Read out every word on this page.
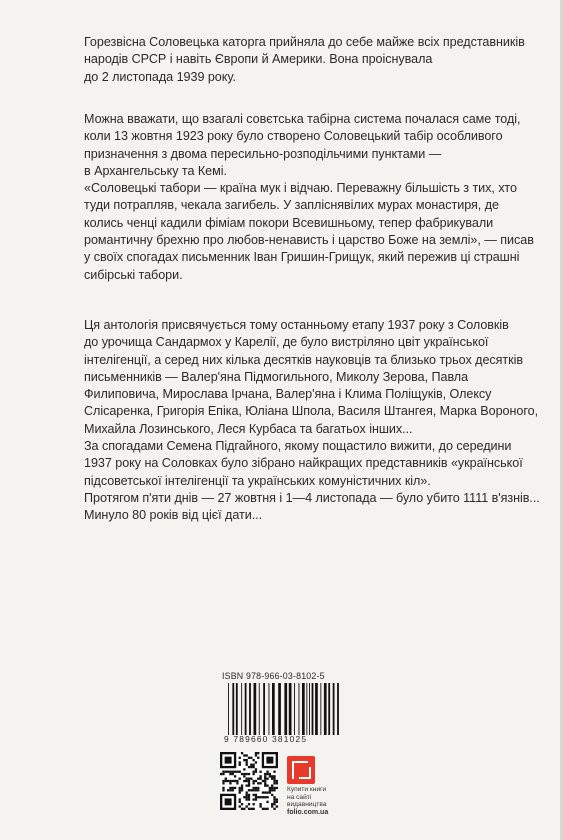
Горезвісна Соловецька каторга прийняла до себе майже всіх представників

народів СРСР і навіть Європи й Америки. Вона проіснувала

до 2 листопада 1939 року.

Можна вважати, що взагалі совєтська табірна система почалася саме тоді,

коли 13 жовтня 1923 року було створено Соловецький табір особливого

призначення з двома пересильно-розподільчими пунктами —

в Архангельську та Кемі.

«Соловецькі табори — країна мук і відчаю. Переважну більшість з тих, хто

туди потрапляв, чекала загибель. У запліснявілих мурах монастиря, де

колись ченці кадили фіміам покори Всевишньому, тепер фабрикували

романтичну брехню про любов-ненависть і царство Боже на землі», — писав

у своїх спогадах письменник Іван Гришин-Грищук, який пережив ці страшні

сибірські табори.

Ця антологія присвячується тому останньому етапу 1937 року з Соловків

до урочища Сандармох у Карелії, де було вистріляно цвіт української

інтелігенції, а серед них кілька десятків науковців та близько трьох десятків

письменників — Валер'яна Підмогильного, Миколу Зерова, Павла

Филиповича, Мирослава Ірчана, Валер'яна і Клима Поліщуків, Олексу

Слісаренка, Григорія Епіка, Юліана Шпола, Василя Штангея, Марка Вороного,

Михайла Лозинського, Леся Курбаса та багатьох інших...

За спогадами Семена Підгайного, якому пощастило вижити, до середини

1937 року на Соловках було зібрано найкращих представників «української

підсоветської інтелігенції та українських комуністичних кіл».

Протягом п'яти днів — 27 жовтня і 1—4 листопада — було убито 1111 в'язнів...

Минуло 80 років від цієї дати...

ISBN 978-966-03-8102-5
9 789660 381025
Купити книги
на сайті
видавництва
folio.com.ua
